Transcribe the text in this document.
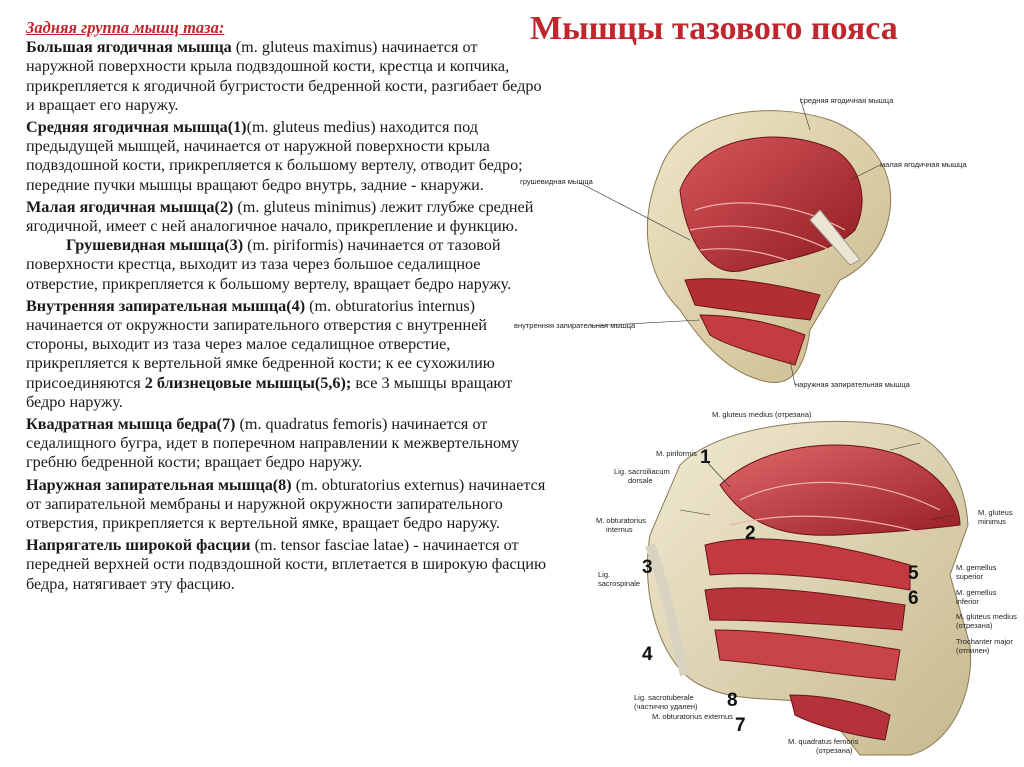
Мышцы тазового пояса
Задняя группа мышц таза:

Большая ягодичная мышца (m. gluteus maximus) начинается от наружной поверхности крыла подвздошной кости, крестца и копчика, прикрепляется к ягодичной бугристости бедренной кости, разгибает бедро и вращает его наружу.

Средняя ягодичная мышца(1)(m. gluteus medius) находится под предыдущей мышцей, начинается от наружной поверхности крыла подвздошной кости, прикрепляется к большому вертелу, отводит бедро; передние пучки мышцы вращают бедро внутрь, задние - кнаружи.

Малая ягодичная мышца(2) (m. gluteus minimus) лежит глубже средней ягодичной, имеет с ней аналогичное начало, прикрепление и функцию.Грушевидная мышца(3) (m. piriformis) начинается от тазовой поверхности крестца, выходит из таза через большое седалищное отверстие, прикрепляется к большому вертелу, вращает бедро наружу.

Внутренняя запирательная мышца(4) (m. obturatorius internus) начинается от окружности запирательного отверстия с внутренней стороны, выходит из таза через малое седалищное отверстие, прикрепляется к вертельной ямке бедренной кости; к ее сухожилию присоединяются 2 близнецовые мышцы(5,6); все 3 мышцы вращают бедро наружу.

Квадратная мышца бедра(7) (m. quadratus femoris) начинается от седалищного бугра, идет в поперечном направлении к межвертельному гребню бедренной кости; вращает бедро наружу.

Наружная запирательная мышца(8) (m. obturatorius externus) начинается от запирательной мембраны и наружной окружности запирательного отверстия, прикрепляется к вертельной ямке, вращает бедро наружу.

Напрягатель широкой фасции (m. tensor fasciae latae) - начинается от передней верхней ости подвздошной кости, вплетается в широкую фасцию бедра, натягивает эту фасцию.

средняя ягодичная мышца
малая ягодичная мышца
грушевидная мышца
внутренняя запирательная мышца
наружная запирательная мышца
M. gluteus medius (отрезана)
M. piriformis
Lig. sacroiliacum
dorsale
M. obturatorius
internus
Lig.
sacrospinale
Lig. sacrotuberale
(частично удален)
M. obturatorius externus
M. quadratus femoris
(отрезана)
M. gluteus
minimus
M. gemellus
superior
M. gemellus
inferior
M. gluteus medius
(отрезана)
Trochanter major
(отпилен)
1
2
3
4
5
6
7
8
